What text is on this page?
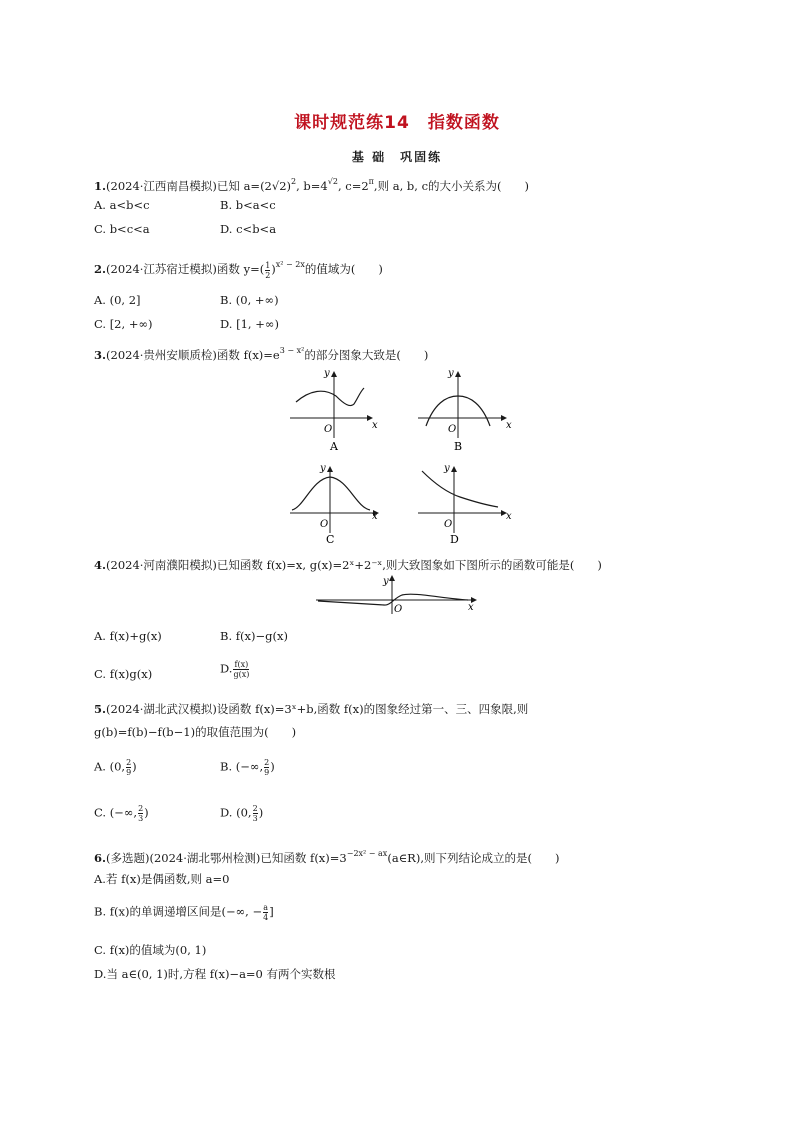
课时规范练14　指数函数
基 础　巩固练
1.(2024·江西南昌模拟)已知 $a=(2√2)^2$, $b=4^{√2}$, $c=2^\pi$,则 a, b, c的大小关系为(　　)
A. a<b<c	B. b<a<c
C. b<c<a	D. c<b<a
2.(2024·江苏宿迁模拟)函数 $y=( \frac{1}{2} )^{x^2 - 2x}$的值域为(　　)
A. (0, 2]	B. (0, +∞)
C. [2, +∞)	D. [1, +∞)
3.(2024·贵州安顺质检)函数 $f(x)=e^{3 - x^2}$的部分图象大致是(　　)
x
y
O
A
x
y
O
B
x
y
O
C
x
y
O
D
4.(2024·河南濮阳模拟)已知函数 f(x)=x, g(x)=2ˣ+2⁻ˣ,则大致图象如下图所示的函数可能是(　　)
x
y
O
A. f(x)+g(x)	B. f(x)−g(x)
C. f(x)g(x)	D. $\frac{f(x)}{g(x)}$
5.(2024·湖北武汉模拟)设函数 f(x)=3ˣ+b,函数 f(x)的图象经过第一、三、四象限,则
g(b)=f(b)−f(b−1)的取值范围为(　　)
A. (0, $\frac{2}{9}$ )	B. (−∞, $\frac{2}{9}$ )
C. (−∞, $\frac{2}{3}$ )	D. (0, $\frac{2}{3}$ )
6.(多选题)(2024·湖北鄂州检测)已知函数 $f(x)=3^{-2x^2 - ax}(a\in R)$,则下列结论成立的是(　　)
A.若 f(x)是偶函数,则 a=0
B. f(x)的单调递增区间是(−∞, − $\frac{a}{4}$ ]
C. f(x)的值域为(0, 1)
D.当 a∈(0, 1)时,方程 f(x)−a=0 有两个实数根
